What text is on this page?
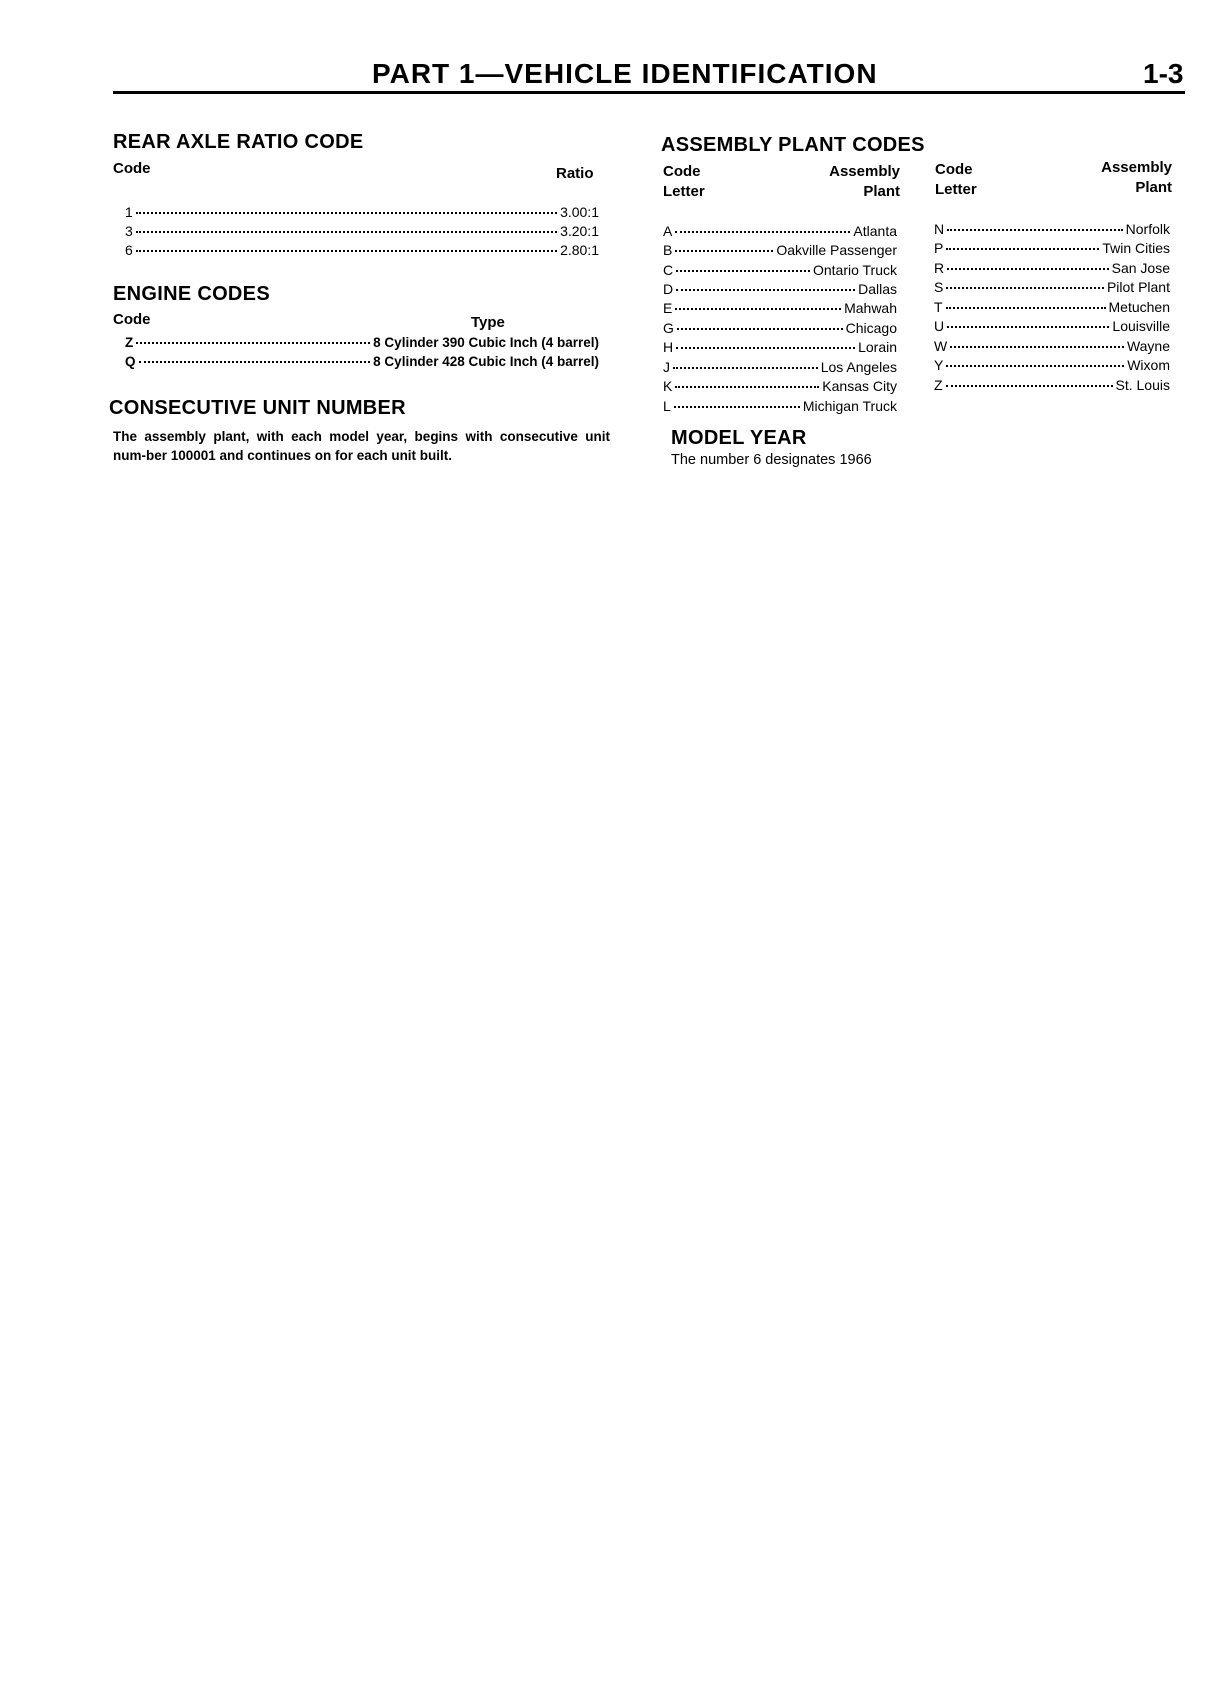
PART 1—VEHICLE IDENTIFICATION	1-3
REAR AXLE RATIO CODE
Code	Ratio
1	3.00:1
3	3.20:1
6	2.80:1
ENGINE CODES
Code	Type
Z	8 Cylinder 390 Cubic Inch (4 barrel)
Q	8 Cylinder 428 Cubic Inch (4 barrel)
CONSECUTIVE UNIT NUMBER
The assembly plant, with each model year, begins with consecutive unit num-ber 100001 and continues on for each unit built.
ASSEMBLY PLANT CODES
Code
Letter
Assembly
Plant
Code
Letter
Assembly
Plant
A	Atlanta
B	Oakville Passenger
C	Ontario Truck
D	Dallas
E	Mahwah
G	Chicago
H	Lorain
J	Los Angeles
K	Kansas City
L	Michigan Truck
N	Norfolk
P	Twin Cities
R	San Jose
S	Pilot Plant
T	Metuchen
U	Louisville
W	Wayne
Y	Wixom
Z	St. Louis
MODEL YEAR
The number 6 designates 1966
